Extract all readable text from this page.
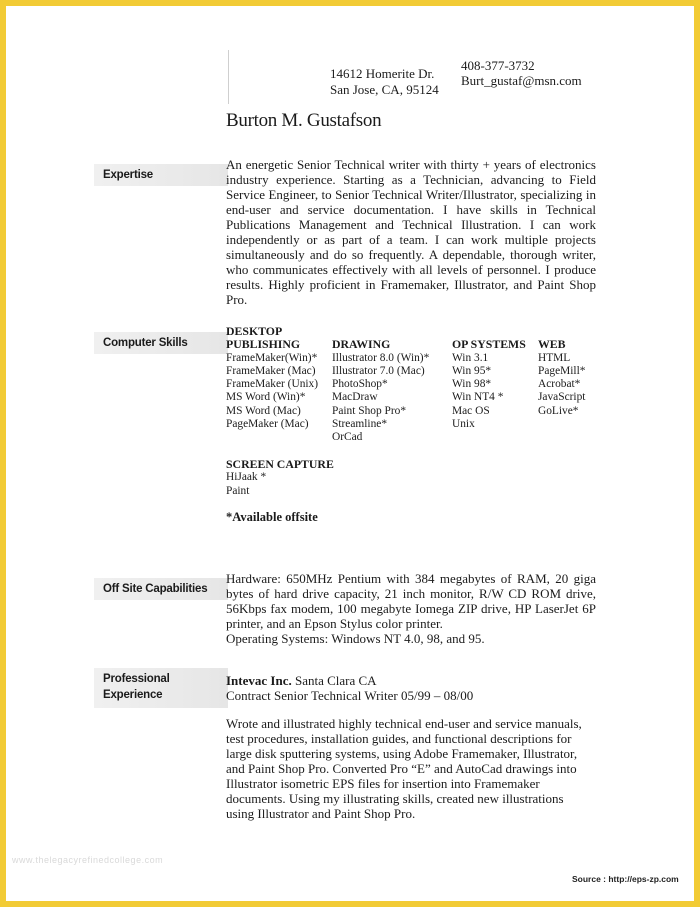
14612 Homerite Dr.
San Jose, CA, 95124
408-377-3732
Burt_gustaf@msn.com
Burton M. Gustafson
Expertise
An energetic Senior Technical writer with thirty + years of electronics industry experience. Starting as a Technician, advancing to Field Service Engineer, to Senior Technical Writer/Illustrator, specializing in end-user and service documentation. I have skills in Technical Publications Management and Technical Illustration. I can work independently or as part of a team. I can work multiple projects simultaneously and do so frequently. A dependable, thorough writer, who communicates effectively with all levels of personnel. I produce results. Highly proficient in Framemaker, Illustrator, and Paint Shop Pro.
Computer Skills
DESKTOP
PUBLISHING
FrameMaker(Win)*
FrameMaker (Mac)
FrameMaker (Unix)
MS Word (Win)*
MS Word (Mac)
PageMaker (Mac)
DRAWING
Illustrator 8.0 (Win)*
Illustrator 7.0 (Mac)
PhotoShop*
MacDraw
Paint Shop Pro*
Streamline*
OrCad
OP SYSTEMS
Win 3.1
Win 95*
Win 98*
Win NT4 *
Mac OS
Unix
WEB
HTML
PageMill*
Acrobat*
JavaScript
GoLive*
SCREEN CAPTURE
HiJaak *
Paint
*Available offsite
Off Site Capabilities
Hardware: 650MHz Pentium with 384 megabytes of RAM, 20 giga bytes of hard drive capacity, 21 inch monitor, R/W CD ROM drive, 56Kbps fax modem, 100 megabyte Iomega ZIP drive, HP LaserJet 6P printer, and an Epson Stylus color printer.

Operating Systems: Windows NT 4.0, 98, and 95.
Professional
Experience
Intevac Inc. Santa Clara CA
Contract Senior Technical Writer 05/99 – 08/00
Wrote and illustrated highly technical end-user and service manuals, test procedures, installation guides, and functional descriptions for large disk sputtering systems, using Adobe Framemaker, Illustrator, and Paint Shop Pro. Converted Pro “E” and AutoCad drawings into Illustrator isometric EPS files for insertion into Framemaker documents. Using my illustrating skills, created new illustrations using Illustrator and Paint Shop Pro.
www.thelegacyrefinedcollege.com
Source : http://eps-zp.com
